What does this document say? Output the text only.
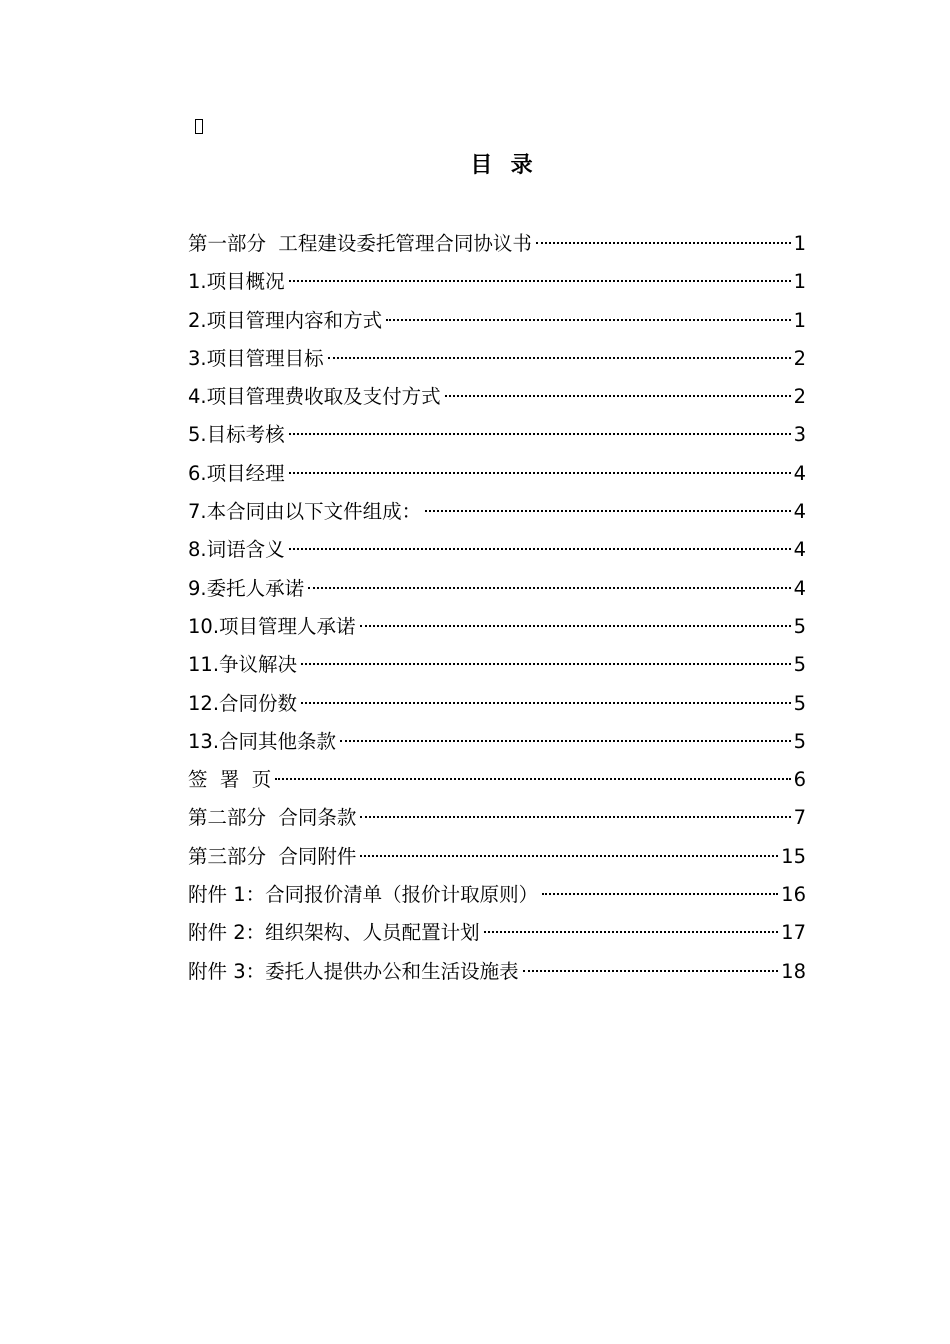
目  录
第一部分  工程建设委托管理合同协议书	1
1.项目概况	1
2.项目管理内容和方式	1
3.项目管理目标	2
4.项目管理费收取及支付方式	2
5.目标考核	3
6.项目经理	4
7.本合同由以下文件组成：	4
8.词语含义	4
9.委托人承诺	4
10.项目管理人承诺	5
11.争议解决	5
12.合同份数	5
13.合同其他条款	5
签  署  页	6
第二部分  合同条款	7
第三部分  合同附件	15
附件 1：合同报价清单（报价计取原则）	16
附件 2：组织架构、人员配置计划	17
附件 3：委托人提供办公和生活设施表	18
